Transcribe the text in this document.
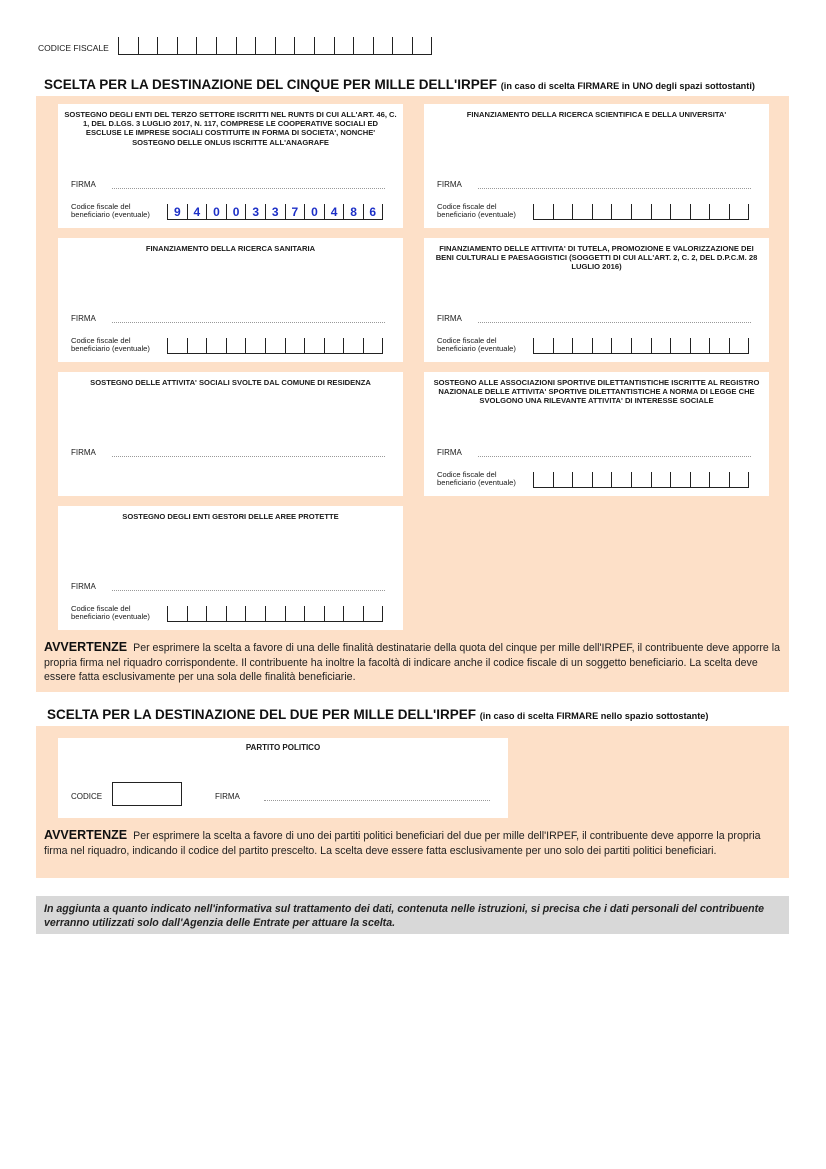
CODICE FISCALE
SCELTA PER LA DESTINAZIONE DEL CINQUE PER MILLE DELL'IRPEF (in caso di scelta FIRMARE in UNO degli spazi sottostanti)
SOSTEGNO DEGLI ENTI DEL TERZO SETTORE ISCRITTI NEL RUNTS DI CUI ALL'ART. 46, C. 1, DEL D.LGS. 3 LUGLIO 2017, N. 117, COMPRESE LE COOPERATIVE SOCIALI ED ESCLUSE LE IMPRESE SOCIALI COSTITUITE IN FORMA DI SOCIETA', NONCHE' SOSTEGNO DELLE ONLUS ISCRITTE ALL'ANAGRAFE
FIRMA
Codice fiscale del
beneficiario (eventuale) 9 4 0 0 3 3 7 0 4 8 6
FINANZIAMENTO DELLA RICERCA SCIENTIFICA E DELLA UNIVERSITA'
FIRMA
Codice fiscale del
beneficiario (eventuale)
FINANZIAMENTO DELLA RICERCA SANITARIA
FIRMA
Codice fiscale del
beneficiario (eventuale)
FINANZIAMENTO DELLE ATTIVITA' DI TUTELA, PROMOZIONE E VALORIZZAZIONE DEI BENI CULTURALI E PAESAGGISTICI (SOGGETTI DI CUI ALL'ART. 2, C. 2, DEL D.P.C.M. 28 LUGLIO 2016)
FIRMA
Codice fiscale del
beneficiario (eventuale)
SOSTEGNO DELLE ATTIVITA' SOCIALI SVOLTE DAL COMUNE DI RESIDENZA
FIRMA
SOSTEGNO ALLE ASSOCIAZIONI SPORTIVE DILETTANTISTICHE ISCRITTE AL REGISTRO NAZIONALE DELLE ATTIVITA' SPORTIVE DILETTANTISTICHE A NORMA DI LEGGE CHE SVOLGONO UNA RILEVANTE ATTIVITA' DI INTERESSE SOCIALE
FIRMA
Codice fiscale del
beneficiario (eventuale)
SOSTEGNO DEGLI ENTI GESTORI DELLE AREE PROTETTE
FIRMA
Codice fiscale del
beneficiario (eventuale)
AVVERTENZE Per esprimere la scelta a favore di una delle finalità destinatarie della quota del cinque per mille dell'IRPEF, il contribuente deve apporre la propria firma nel riquadro corrispondente. Il contribuente ha inoltre la facoltà di indicare anche il codice fiscale di un soggetto beneficiario. La scelta deve essere fatta esclusivamente per una sola delle finalità beneficiarie.
SCELTA PER LA DESTINAZIONE DEL DUE PER MILLE DELL'IRPEF (in caso di scelta FIRMARE nello spazio sottostante)
PARTITO POLITICO
CODICE	FIRMA
AVVERTENZE Per esprimere la scelta a favore di uno dei partiti politici beneficiari del due per mille dell'IRPEF, il contribuente deve apporre la propria firma nel riquadro, indicando il codice del partito prescelto. La scelta deve essere fatta esclusivamente per uno solo dei partiti politici beneficiari.
In aggiunta a quanto indicato nell'informativa sul trattamento dei dati, contenuta nelle istruzioni, si precisa che i dati personali del contribuente verranno utilizzati solo dall'Agenzia delle Entrate per attuare la scelta.
